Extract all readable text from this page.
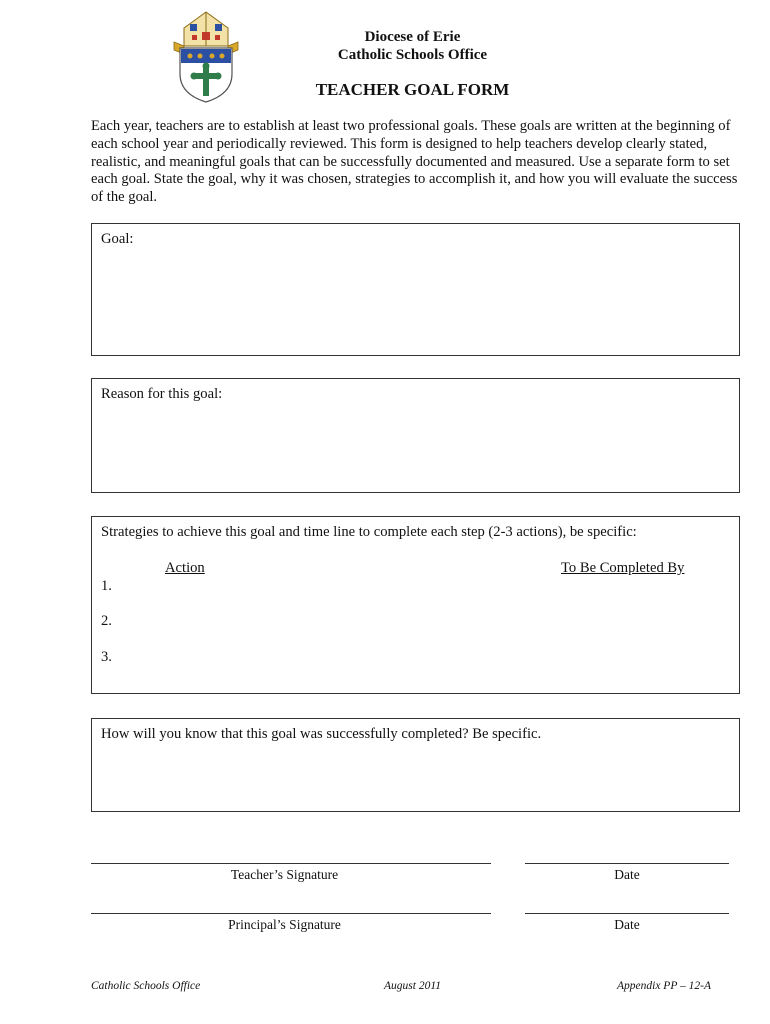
Diocese of Erie
Catholic Schools Office
TEACHER GOAL FORM
Each year, teachers are to establish at least two professional goals. These goals are written at the beginning of each school year and periodically reviewed. This form is designed to help teachers develop clearly stated, realistic, and meaningful goals that can be successfully documented and measured. Use a separate form to set each goal. State the goal, why it was chosen, strategies to accomplish it, and how you will evaluate the success of the goal.
Goal:
Reason for this goal:
Strategies to achieve this goal and time line to complete each step (2-3 actions), be specific:
Action	To Be Completed By
1.
2.
3.
How will you know that this goal was successfully completed? Be specific.
Teacher’s Signature	Date
Principal’s Signature	Date
Catholic Schools Office	August 2011	Appendix PP – 12-A
